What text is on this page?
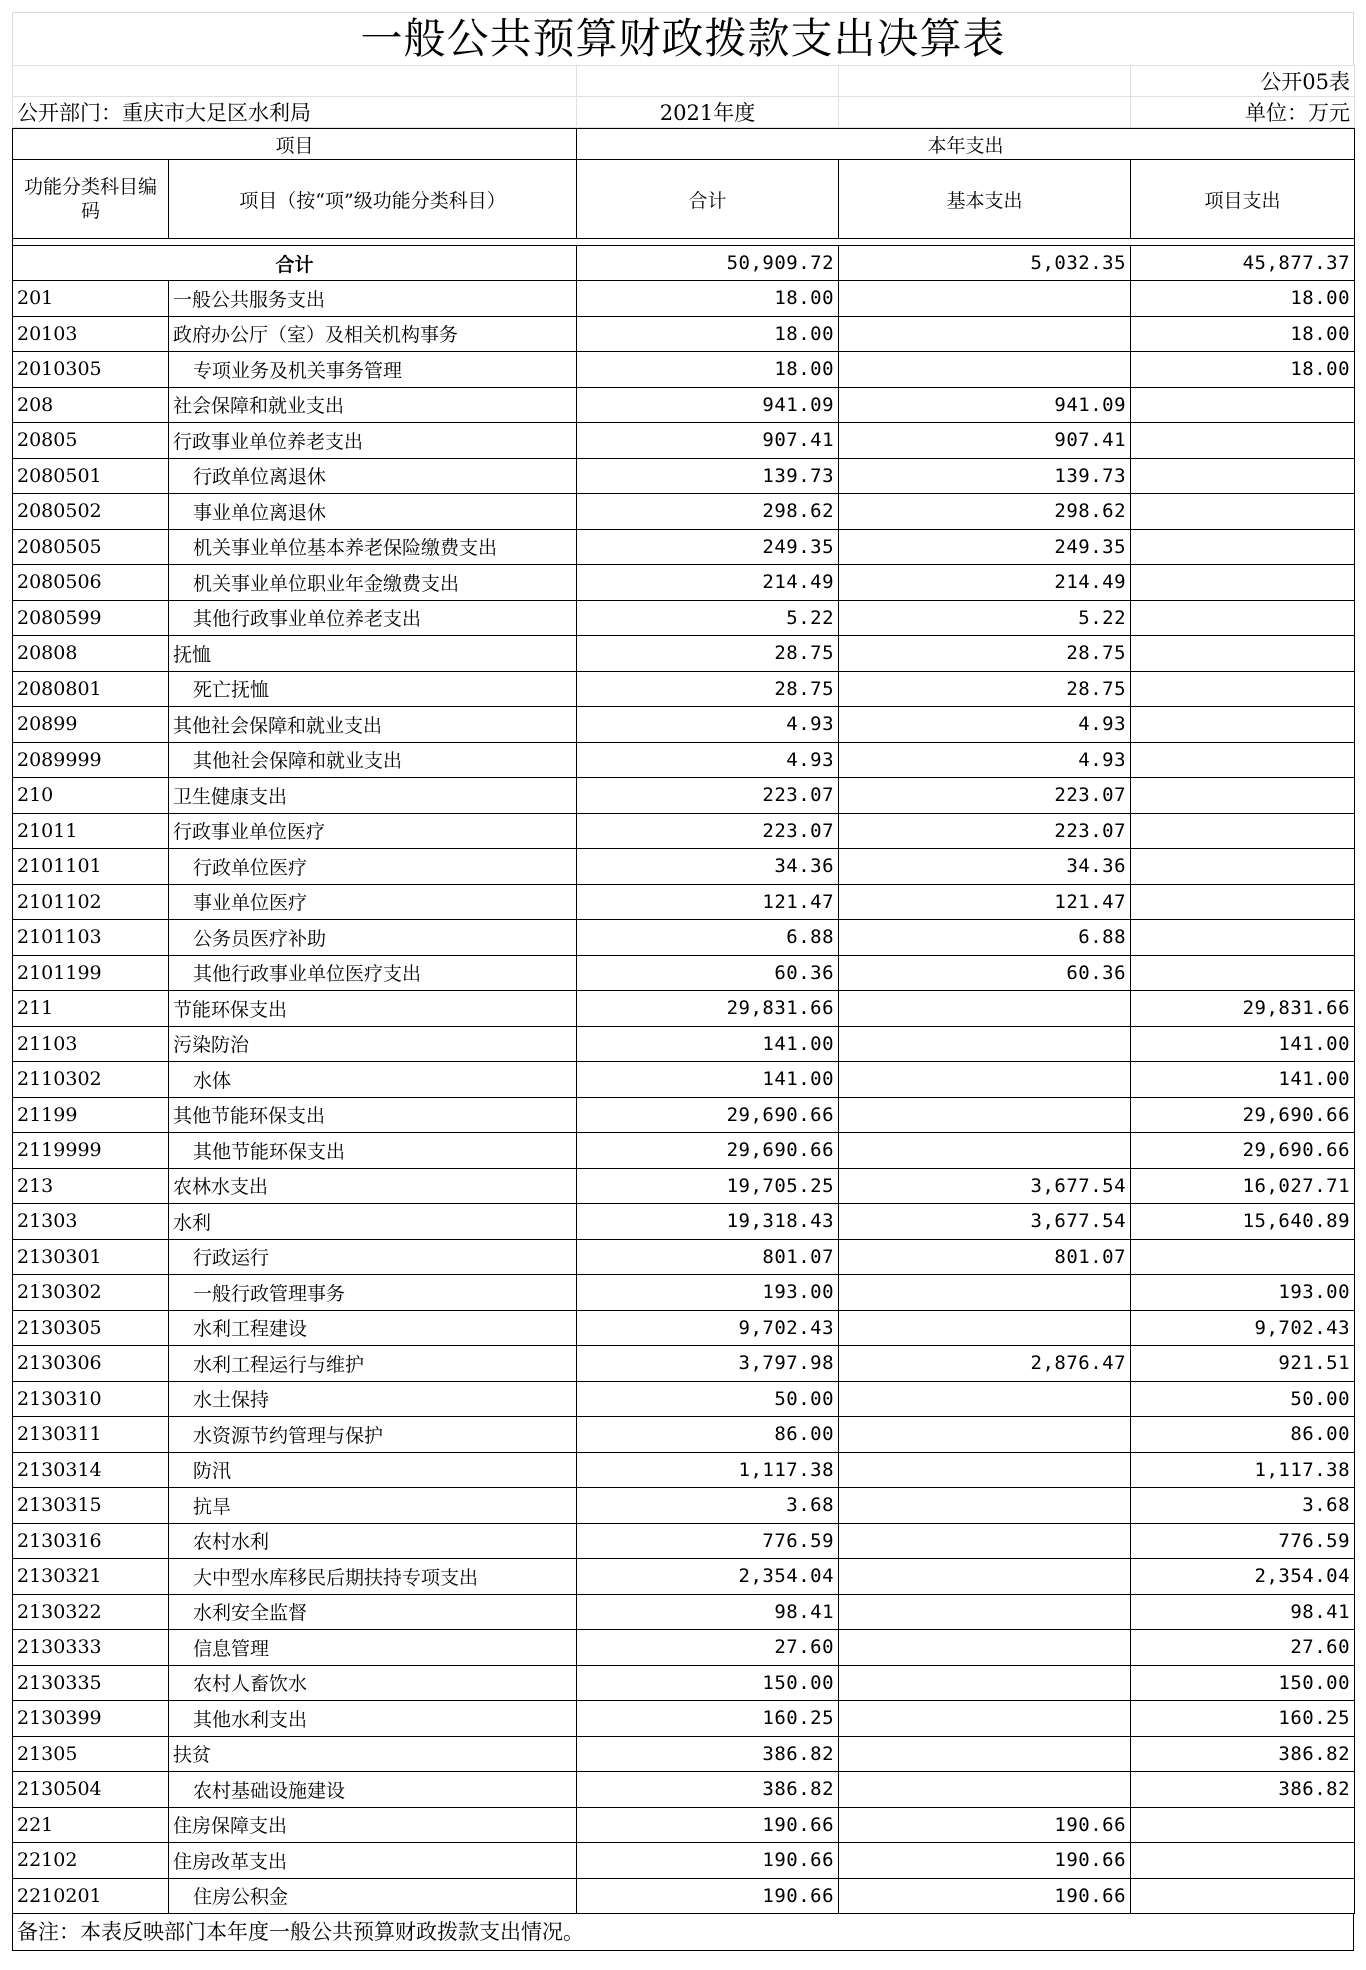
一般公共预算财政拨款支出决算表
			公开05表
公开部门：重庆市大足区水利局	2021年度		单位：万元
项目		本年支出		
功能分类科目编码	项目（按“项”级功能分类科目）	合计	基本支出	项目支出

合计		50,909.72	5,032.35	45,877.37
201	一般公共服务支出	18.00		18.00
20103	政府办公厅（室）及相关机构事务	18.00		18.00
2010305	专项业务及机关事务管理	18.00		18.00
208	社会保障和就业支出	941.09	941.09	
20805	行政事业单位养老支出	907.41	907.41	
2080501	行政单位离退休	139.73	139.73	
2080502	事业单位离退休	298.62	298.62	
2080505	机关事业单位基本养老保险缴费支出	249.35	249.35	
2080506	机关事业单位职业年金缴费支出	214.49	214.49	
2080599	其他行政事业单位养老支出	5.22	5.22	
20808	抚恤	28.75	28.75	
2080801	死亡抚恤	28.75	28.75	
20899	其他社会保障和就业支出	4.93	4.93	
2089999	其他社会保障和就业支出	4.93	4.93	
210	卫生健康支出	223.07	223.07	
21011	行政事业单位医疗	223.07	223.07	
2101101	行政单位医疗	34.36	34.36	
2101102	事业单位医疗	121.47	121.47	
2101103	公务员医疗补助	6.88	6.88	
2101199	其他行政事业单位医疗支出	60.36	60.36	
211	节能环保支出	29,831.66		29,831.66
21103	污染防治	141.00		141.00
2110302	水体	141.00		141.00
21199	其他节能环保支出	29,690.66		29,690.66
2119999	其他节能环保支出	29,690.66		29,690.66
213	农林水支出	19,705.25	3,677.54	16,027.71
21303	水利	19,318.43	3,677.54	15,640.89
2130301	行政运行	801.07	801.07	
2130302	一般行政管理事务	193.00		193.00
2130305	水利工程建设	9,702.43		9,702.43
2130306	水利工程运行与维护	3,797.98	2,876.47	921.51
2130310	水土保持	50.00		50.00
2130311	水资源节约管理与保护	86.00		86.00
2130314	防汛	1,117.38		1,117.38
2130315	抗旱	3.68		3.68
2130316	农村水利	776.59		776.59
2130321	大中型水库移民后期扶持专项支出	2,354.04		2,354.04
2130322	水利安全监督	98.41		98.41
2130333	信息管理	27.60		27.60
2130335	农村人畜饮水	150.00		150.00
2130399	其他水利支出	160.25		160.25
21305	扶贫	386.82		386.82
2130504	农村基础设施建设	386.82		386.82
221	住房保障支出	190.66	190.66	
22102	住房改革支出	190.66	190.66	
2210201	住房公积金	190.66	190.66	
备注：本表反映部门本年度一般公共预算财政拨款支出情况。
